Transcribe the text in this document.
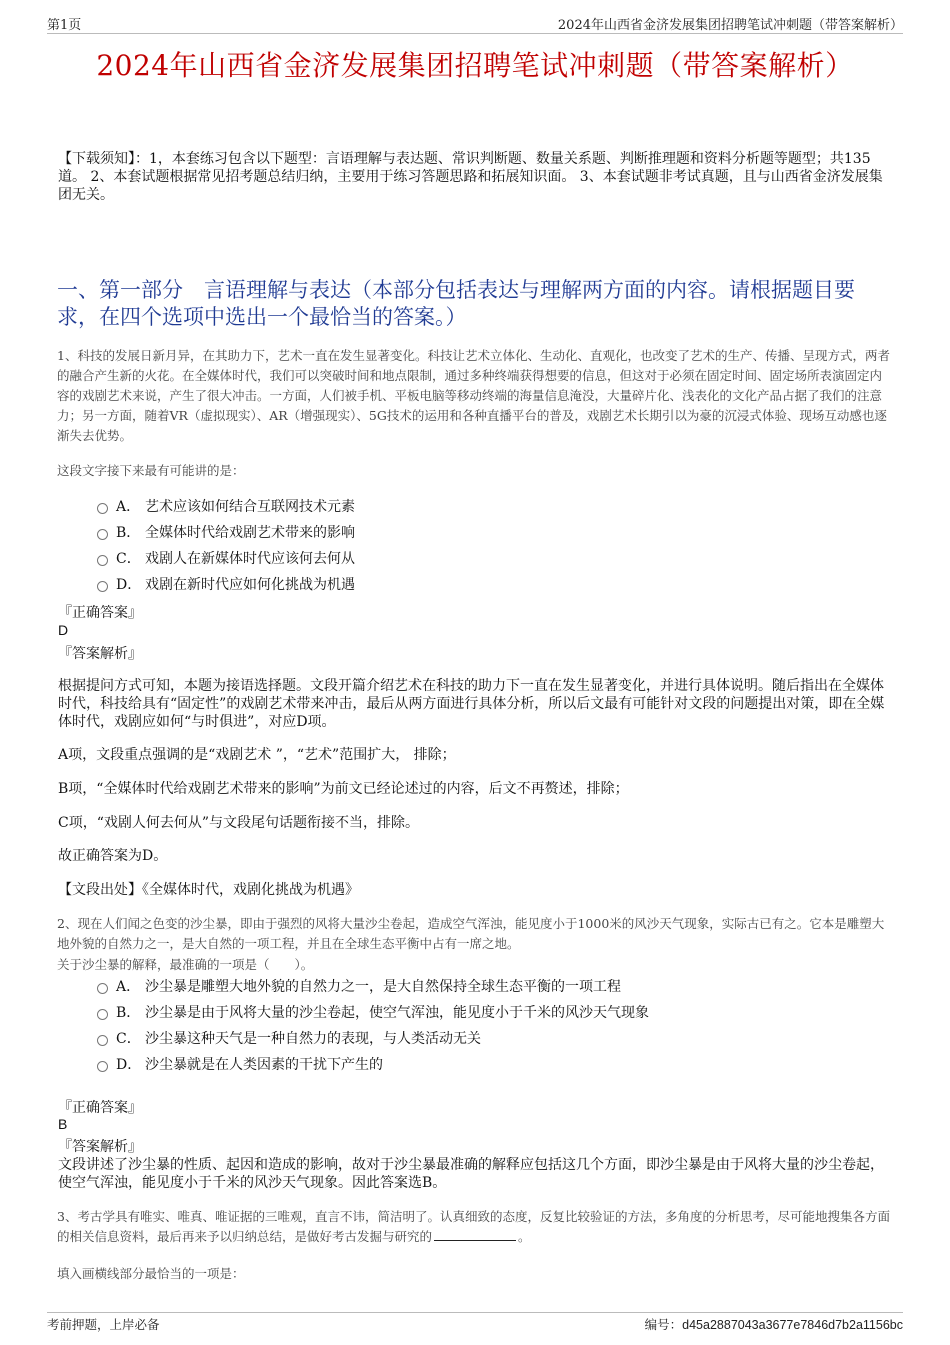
第1页	2024年山西省金济发展集团招聘笔试冲刺题（带答案解析）
2024年山西省金济发展集团招聘笔试冲刺题（带答案解析）
【下载须知】：1，本套练习包含以下题型：言语理解与表达题、常识判断题、数量关系题、判断推理题和资料分析题等题型；共135道。 2、本套试题根据常见招考题总结归纳，主要用于练习答题思路和拓展知识面。 3、本套试题非考试真题，且与山西省金济发展集团无关。
一、第一部分　言语理解与表达（本部分包括表达与理解两方面的内容。请根据题目要求，在四个选项中选出一个最恰当的答案。）
1、科技的发展日新月异，在其助力下，艺术一直在发生显著变化。科技让艺术立体化、生动化、直观化，也改变了艺术的生产、传播、呈现方式，两者的融合产生新的火花。在全媒体时代，我们可以突破时间和地点限制，通过多种终端获得想要的信息，但这对于必须在固定时间、固定场所表演固定内容的戏剧艺术来说，产生了很大冲击。一方面，人们被手机、平板电脑等移动终端的海量信息淹没，大量碎片化、浅表化的文化产品占据了我们的注意力；另一方面，随着VR（虚拟现实）、AR（增强现实）、5G技术的运用和各种直播平台的普及，戏剧艺术长期引以为豪的沉浸式体验、现场互动感也逐渐失去优势。
这段文字接下来最有可能讲的是：
A． 艺术应该如何结合互联网技术元素
B． 全媒体时代给戏剧艺术带来的影响
C． 戏剧人在新媒体时代应该何去何从
D． 戏剧在新时代应如何化挑战为机遇
『正确答案』
D
『答案解析』
根据提问方式可知，本题为接语选择题。文段开篇介绍艺术在科技的助力下一直在发生显著变化，并进行具体说明。随后指出在全媒体时代，科技给具有“固定性”的戏剧艺术带来冲击，最后从两方面进行具体分析，所以后文最有可能针对文段的问题提出对策，即在全媒体时代，戏剧应如何“与时俱进”，对应D项。
A项，文段重点强调的是“戏剧艺术 ”，“艺术”范围扩大， 排除；
B项，“全媒体时代给戏剧艺术带来的影响”为前文已经论述过的内容，后文不再赘述，排除；
C项，“戏剧人何去何从”与文段尾句话题衔接不当，排除。
故正确答案为D。
【文段出处】《全媒体时代，戏剧化挑战为机遇》
2、现在人们闻之色变的沙尘暴，即由于强烈的风将大量沙尘卷起，造成空气浑浊，能见度小于1000米的风沙天气现象，实际古已有之。它本是雕塑大地外貌的自然力之一，是大自然的一项工程，并且在全球生态平衡中占有一席之地。
关于沙尘暴的解释，最准确的一项是（　　）。
A． 沙尘暴是雕塑大地外貌的自然力之一，是大自然保持全球生态平衡的一项工程
B． 沙尘暴是由于风将大量的沙尘卷起，使空气浑浊，能见度小于千米的风沙天气现象
C． 沙尘暴这种天气是一种自然力的表现，与人类活动无关
D． 沙尘暴就是在人类因素的干扰下产生的
『正确答案』
B
『答案解析』
文段讲述了沙尘暴的性质、起因和造成的影响，故对于沙尘暴最准确的解释应包括这几个方面，即沙尘暴是由于风将大量的沙尘卷起，使空气浑浊，能见度小于千米的风沙天气现象。因此答案选B。
3、考古学具有唯实、唯真、唯证据的三唯观，直言不讳，简洁明了。认真细致的态度，反复比较验证的方法，多角度的分析思考，尽可能地搜集各方面的相关信息资料，最后再来予以归纳总结，是做好考古发掘与研究的	。
填入画横线部分最恰当的一项是：
考前押题，上岸必备	编号：d45a2887043a3677e7846d7b2a1156bc
